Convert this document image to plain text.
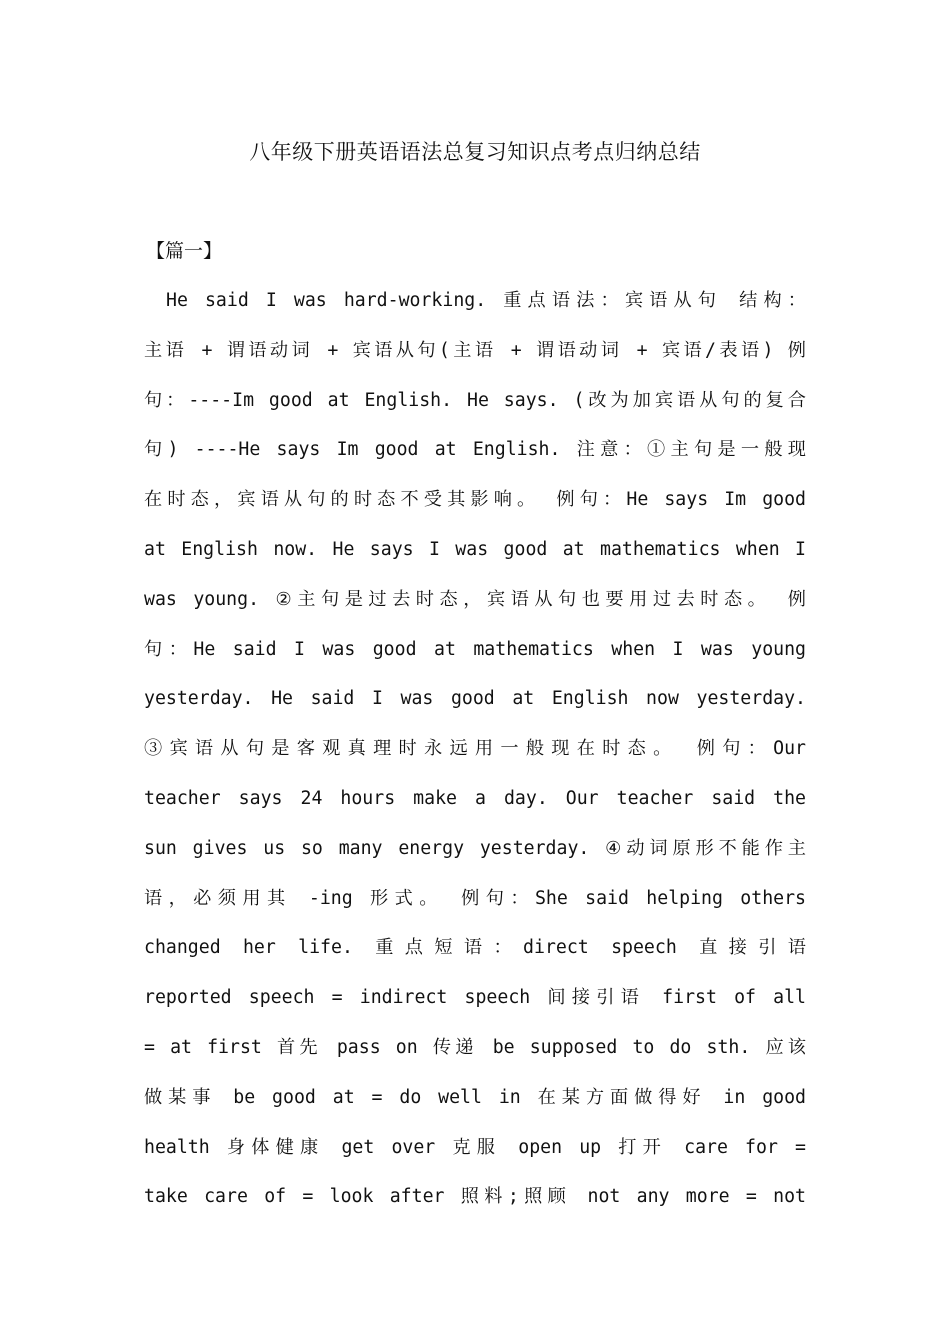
八年级下册英语语法总复习知识点考点归纳总结
【篇一】
He said I was hard-working. 重点语法：宾语从句 结构：
主语 + 谓语动词 + 宾语从句(主语 + 谓语动词 + 宾语/表语) 例
句：----Im good at English. He says. (改为加宾语从句的复合
句) ----He says Im good at English. 注意：①主句是一般现
在时态，宾语从句的时态不受其影响。 例句：He says Im good
at English now. He says I was good at mathematics when I
was young. ②主句是过去时态，宾语从句也要用过去时态。 例
句：He said I was good at mathematics when I was young
yesterday. He said I was good at English now yesterday.
③宾语从句是客观真理时永远用一般现在时态。 例句：Our
teacher says 24 hours make a day. Our teacher said the
sun gives us so many energy yesterday. ④动词原形不能作主
语，必须用其 -ing 形式。 例句：She said helping others
changed her life. 重点短语：direct speech 直接引语
reported speech = indirect speech 间接引语 first of all
= at first 首先 pass on 传递 be supposed to do sth. 应该
做某事 be good at = do well in 在某方面做得好 in good
health 身体健康 get over 克服 open up 打开 care for =
take care of = look after 照料;照顾 not any more = not
